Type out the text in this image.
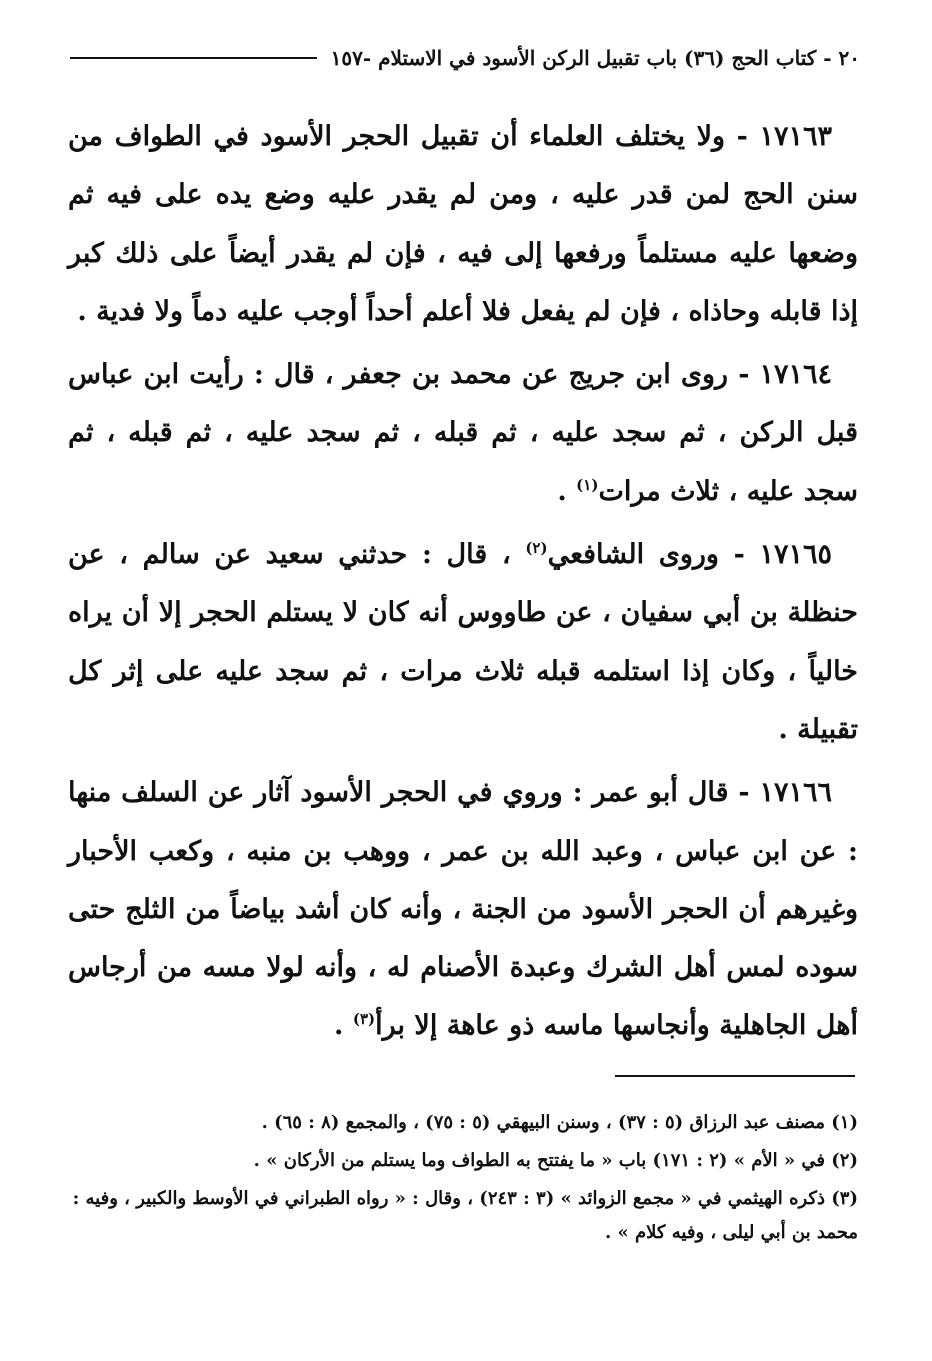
٢٠ - كتاب الحج (٣٦) باب تقبيل الركن الأسود في الاستلام -١٥٧

١٧١٦٣ - ولا يختلف العلماء أن تقبيل الحجر الأسود في الطواف من سنن الحج لمن قدر عليه ، ومن لم يقدر عليه وضع يده على فيه ثم وضعها عليه مستلماً ورفعها إلى فيه ، فإن لم يقدر أيضاً على ذلك كبر إذا قابله وحاذاه ، فإن لم يفعل فلا أعلم أحداً أوجب عليه دماً ولا فدية .

١٧١٦٤ - روى ابن جريج عن محمد بن جعفر ، قال : رأيت ابن عباس قبل الركن ، ثم سجد عليه ، ثم قبله ، ثم سجد عليه ، ثم قبله ، ثم سجد عليه ، ثلاث مرات$^{(١)}$ .

١٧١٦٥ - وروى الشافعي$^{(٢)}$ ، قال : حدثني سعيد عن سالم ، عن حنظلة بن أبي سفيان ، عن طاووس أنه كان لا يستلم الحجر إلا أن يراه خالياً ، وكان إذا استلمه قبله ثلاث مرات ، ثم سجد عليه على إثر كل تقبيلة .

١٧١٦٦ - قال أبو عمر : وروي في الحجر الأسود آثار عن السلف منها : عن ابن عباس ، وعبد الله بن عمر ، ووهب بن منبه ، وكعب الأحبار وغيرهم أن الحجر الأسود من الجنة ، وأنه كان أشد بياضاً من الثلج حتى سوده لمس أهل الشرك وعبدة الأصنام له ، وأنه لولا مسه من أرجاس أهل الجاهلية وأنجاسها ماسه ذو عاهة إلا برأ$^{(٣)}$ .

(١) مصنف عبد الرزاق (٥ : ٣٧) ، وسنن البيهقي (٥ : ٧٥) ، والمجمع (٨ : ٦٥) .

(٢) في « الأم » (٢ : ١٧١) باب « ما يفتتح به الطواف وما يستلم من الأركان » .

(٣) ذكره الهيثمي في « مجمع الزوائد » (٣ : ٢٤٣) ، وقال : « رواه الطبراني في الأوسط والكبير ، وفيه : محمد بن أبي ليلى ، وفيه كلام » .
